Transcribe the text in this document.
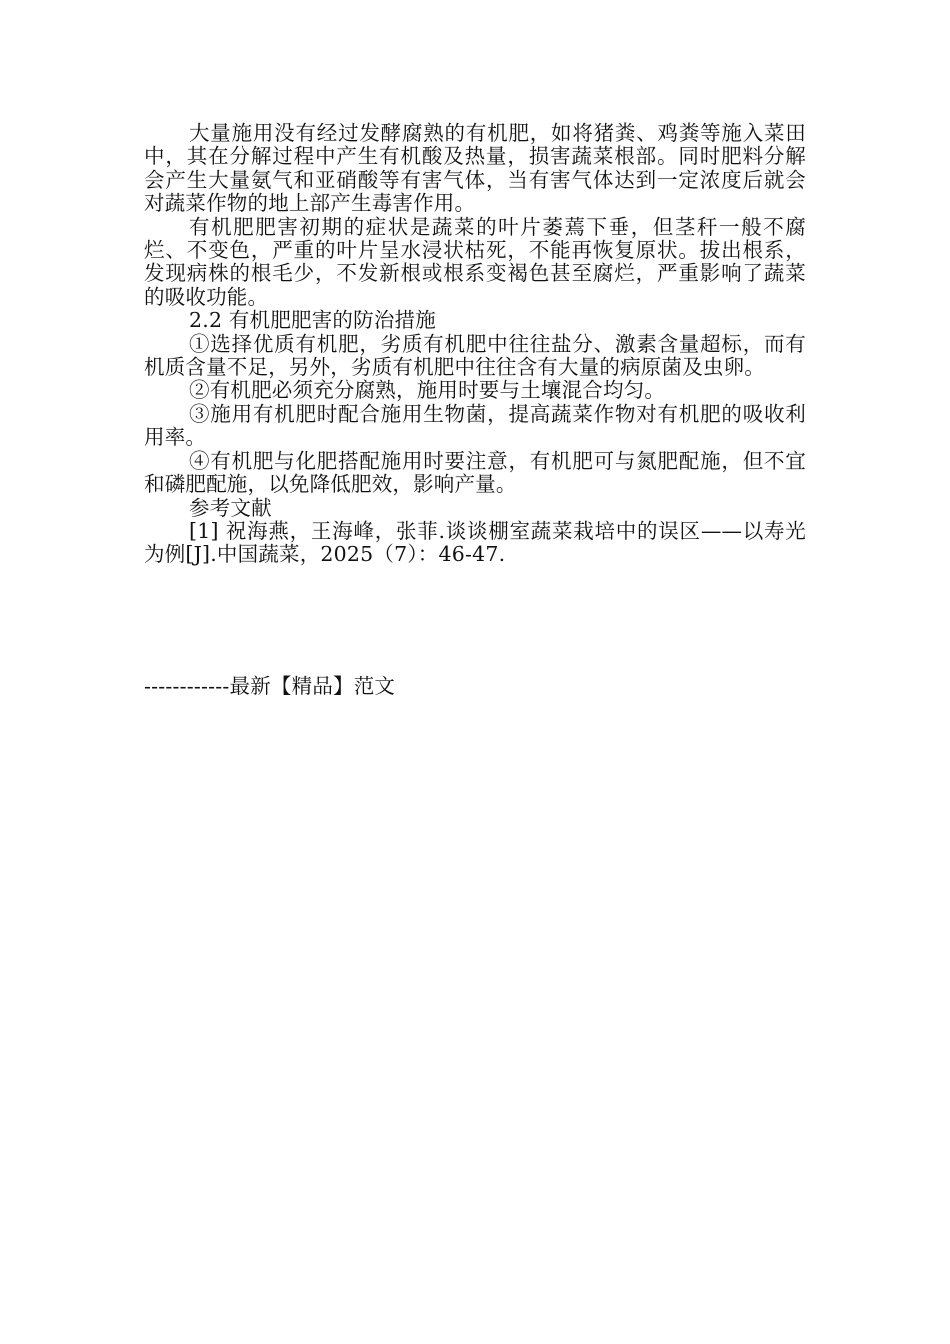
大量施用没有经过发酵腐熟的有机肥，如将猪粪、鸡粪等施入菜田中，其在分解过程中产生有机酸及热量，损害蔬菜根部。同时肥料分解会产生大量氨气和亚硝酸等有害气体，当有害气体达到一定浓度后就会对蔬菜作物的地上部产生毒害作用。

有机肥肥害初期的症状是蔬菜的叶片萎蔫下垂，但茎秆一般不腐烂、不变色，严重的叶片呈水浸状枯死，不能再恢复原状。拔出根系，发现病株的根毛少，不发新根或根系变褐色甚至腐烂，严重影响了蔬菜的吸收功能。

2.2 有机肥肥害的防治措施

①选择优质有机肥，劣质有机肥中往往盐分、激素含量超标，而有机质含量不足，另外，劣质有机肥中往往含有大量的病原菌及虫卵。

②有机肥必须充分腐熟，施用时要与土壤混合均匀。

③施用有机肥时配合施用生物菌，提高蔬菜作物对有机肥的吸收利用率。

④有机肥与化肥搭配施用时要注意，有机肥可与氮肥配施，但不宜和磷肥配施，以免降低肥效，影响产量。

参考文献

[1] 祝海燕，王海峰，张菲.谈谈棚室蔬菜栽培中的误区——以寿光为例[J].中国蔬菜，2025（7）：46-47.

------------最新【精品】范文
